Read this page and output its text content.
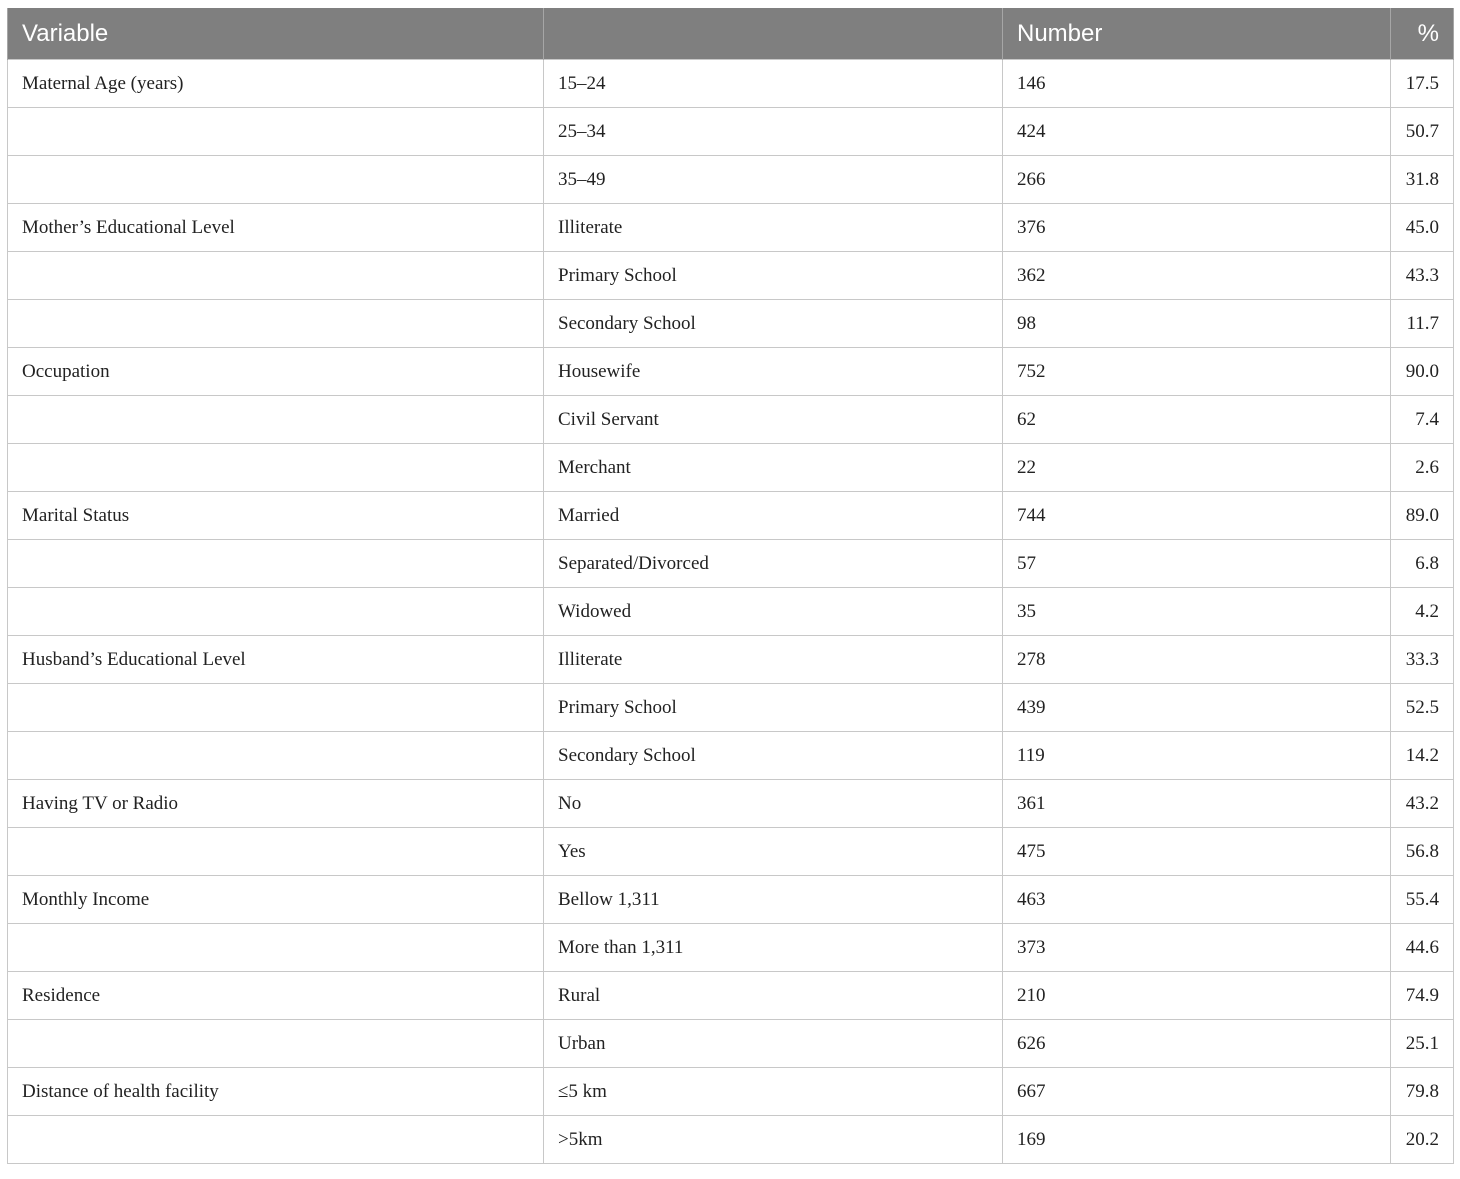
Variable		Number	%
Maternal Age (years)	15–24	146	17.5
	25–34	424	50.7
	35–49	266	31.8
Mother’s Educational Level	Illiterate	376	45.0
	Primary School	362	43.3
	Secondary School	98	11.7
Occupation	Housewife	752	90.0
	Civil Servant	62	7.4
	Merchant	22	2.6
Marital Status	Married	744	89.0
	Separated/Divorced	57	6.8
	Widowed	35	4.2
Husband’s Educational Level	Illiterate	278	33.3
	Primary School	439	52.5
	Secondary School	119	14.2
Having TV or Radio	No	361	43.2
	Yes	475	56.8
Monthly Income	Bellow 1,311	463	55.4
	More than 1,311	373	44.6
Residence	Rural	210	74.9
	Urban	626	25.1
Distance of health facility	≤5 km	667	79.8
	>5km	169	20.2
